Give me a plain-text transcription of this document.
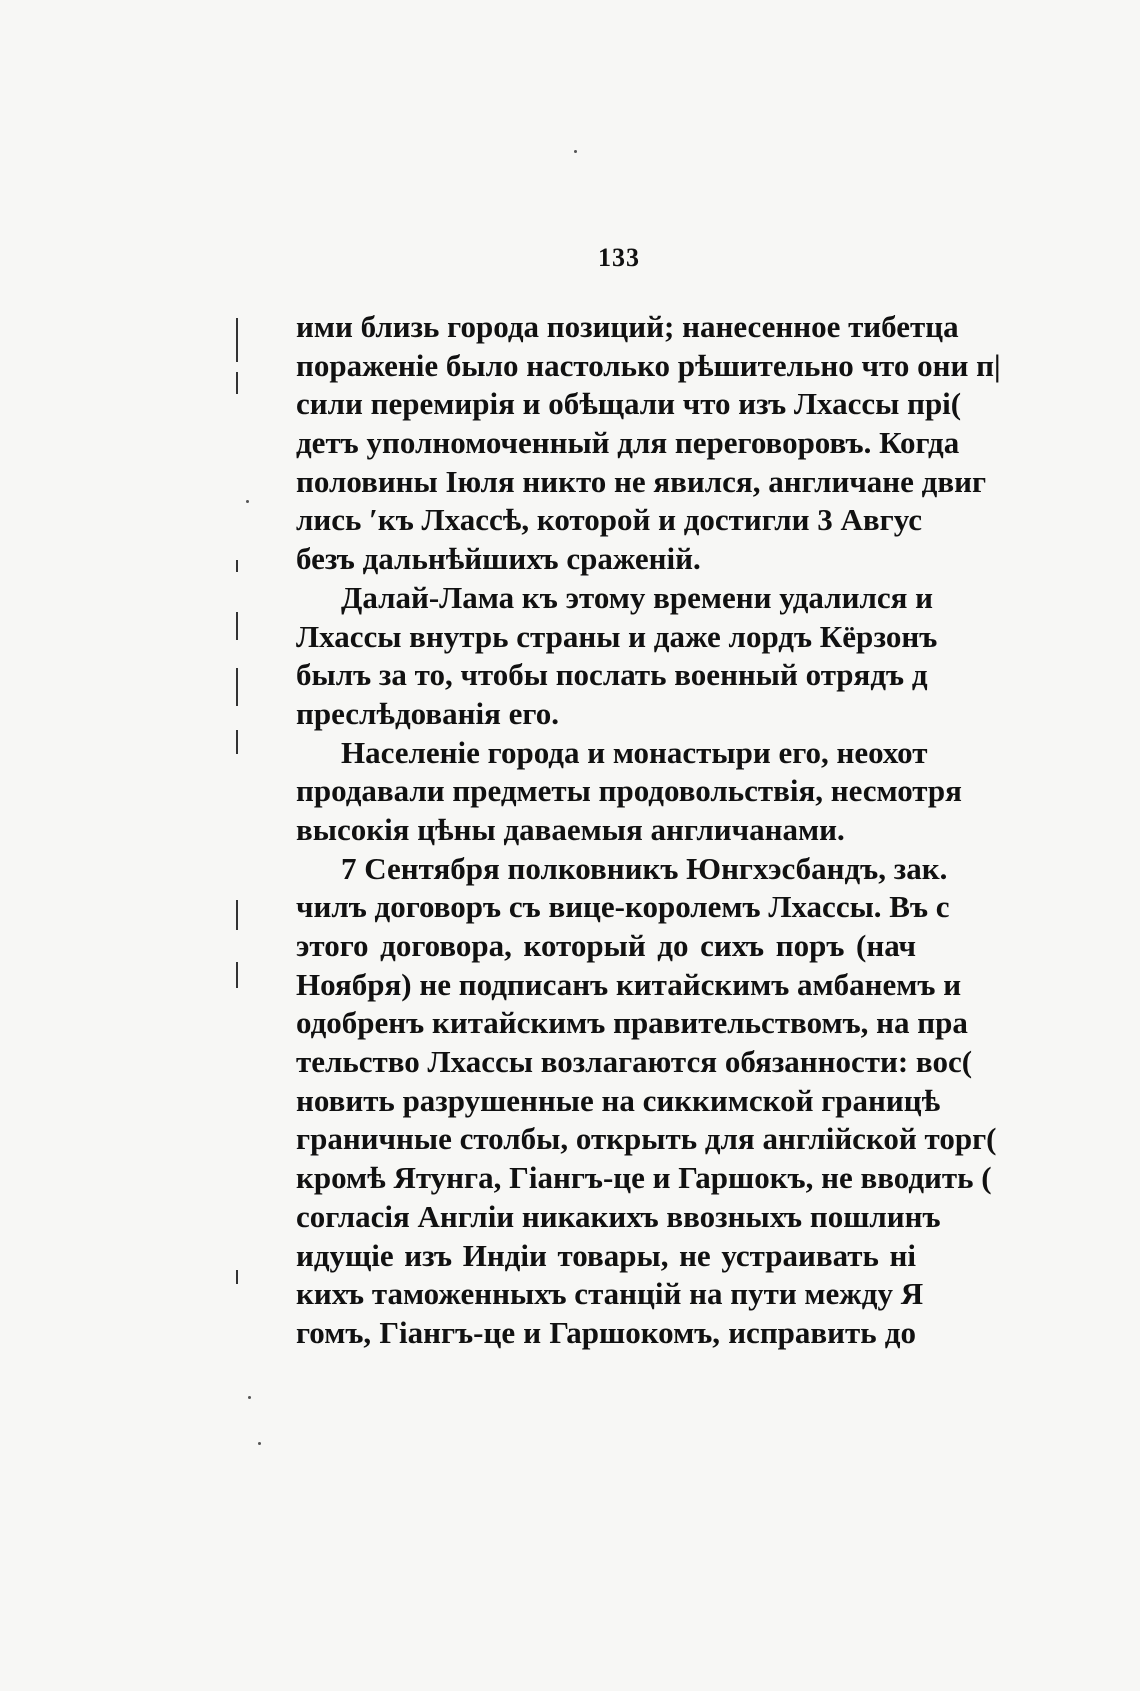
133

ими близь города позиций; нанесенное тибетца
пораженіе было настолько рѣшительно что они п|
сили перемирія и обѣщали что изъ Лхассы прі(
детъ уполномоченный для переговоровъ. Когда
половины Іюля никто не явился, англичане двиг
лись ′къ Лхассѣ, которой и достигли 3 Авгус
безъ дальнѣйшихъ сраженій.

Далай-Лама къ этому времени удалился и
Лхассы внутрь страны и даже лордъ Кёрзонъ
былъ за то, чтобы послать военный отрядъ д
преслѣдованія его.

Населеніе города и монастыри его, неохот
продавали предметы продовольствія, несмотря
высокія цѣны даваемыя англичанами.

7 Сентября полковникъ Юнгхэсбандъ, зак.
чилъ договоръ съ вице-королемъ Лхассы. Въ с
этого договора, который до сихъ поръ (нач
Ноября) не подписанъ китайскимъ амбанемъ и
одобренъ китайскимъ правительствомъ, на пра
тельство Лхассы возлагаются обязанности: вос(
новить разрушенные на сиккимской границѣ
граничные столбы, открыть для англійской торг(
кромѣ Ятунга, Гіангъ-це и Гаршокъ, не вводить (
согласія Англіи никакихъ ввозныхъ пошлинъ
идущіе изъ Индіи товары, не устраивать ні
кихъ таможенныхъ станцій на пути между Я
гомъ, Гіангъ-це и Гаршокомъ, исправить до
